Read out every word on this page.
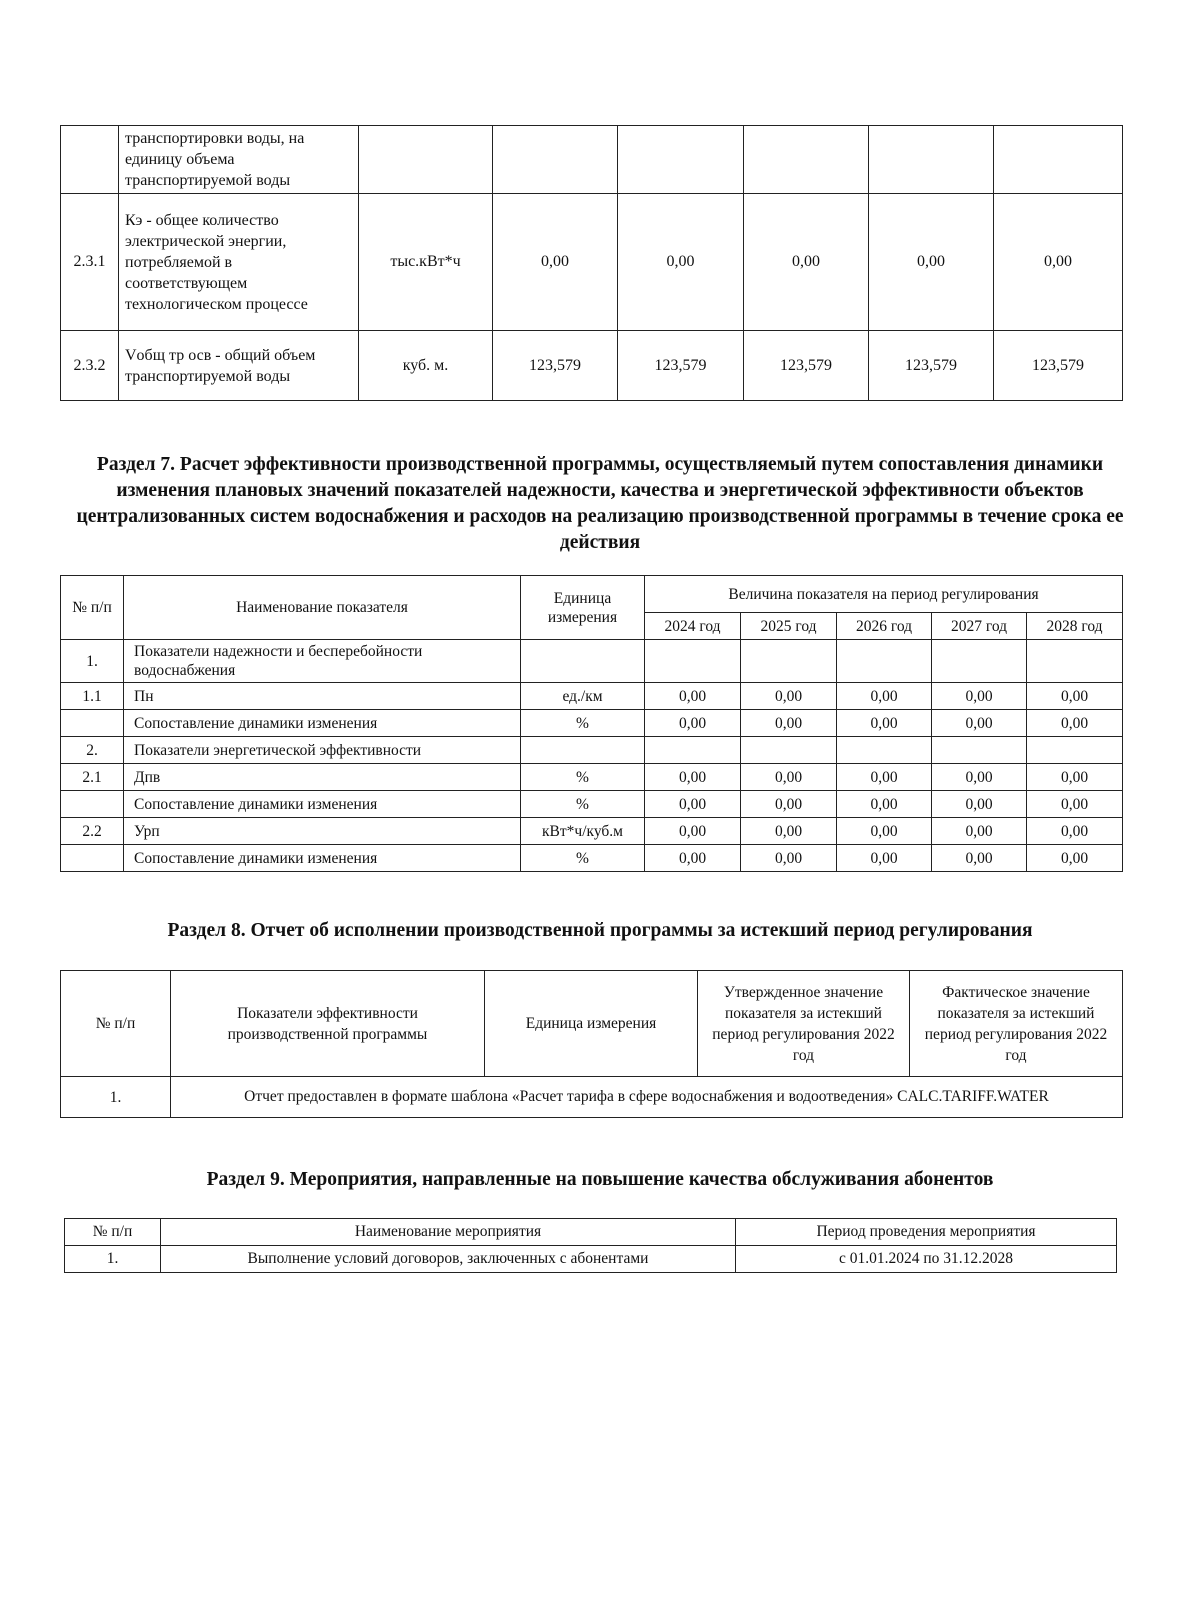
	транспортировки воды, на единицу объема транспортируемой воды						
2.3.1	Кэ - общее количество электрической энергии, потребляемой в соответствующем технологическом процессе	тыс.кВт*ч	0,00	0,00	0,00	0,00	0,00
2.3.2	Vобщ тр осв - общий объем транспортируемой воды	куб. м.	123,579	123,579	123,579	123,579	123,579
Раздел 7. Расчет эффективности производственной программы, осуществляемый путем сопоставления динамики изменения плановых значений показателей надежности, качества и энергетической эффективности объектов централизованных систем водоснабжения и расходов на реализацию производственной программы в течение срока ее действия
№ п/п	Наименование показателя	Единица измерения	Величина показателя на период регулирования				
			2024 год	2025 год	2026 год	2027 год	2028 год
1.	Показатели надежности и бесперебойности водоснабжения						
1.1	Пн	ед./км	0,00	0,00	0,00	0,00	0,00
	Сопоставление динамики изменения	%	0,00	0,00	0,00	0,00	0,00
2.	Показатели энергетической эффективности						
2.1	Дпв	%	0,00	0,00	0,00	0,00	0,00
	Сопоставление динамики изменения	%	0,00	0,00	0,00	0,00	0,00
2.2	Урп	кВт*ч/куб.м	0,00	0,00	0,00	0,00	0,00
	Сопоставление динамики изменения	%	0,00	0,00	0,00	0,00	0,00
Раздел 8. Отчет об исполнении производственной программы за истекший период регулирования
№ п/п	Показатели эффективности производственной программы	Единица измерения	Утвержденное значение показателя за истекший период регулирования 2022 год	Фактическое значение показателя за истекший период регулирования 2022 год
1.	Отчет предоставлен в формате шаблона «Расчет тарифа в сфере водоснабжения и водоотведения» CALC.TARIFF.WATER			
Раздел 9. Мероприятия, направленные на повышение качества обслуживания абонентов
№ п/п	Наименование мероприятия	Период проведения мероприятия
1.	Выполнение условий договоров, заключенных с абонентами	с 01.01.2024 по 31.12.2028
